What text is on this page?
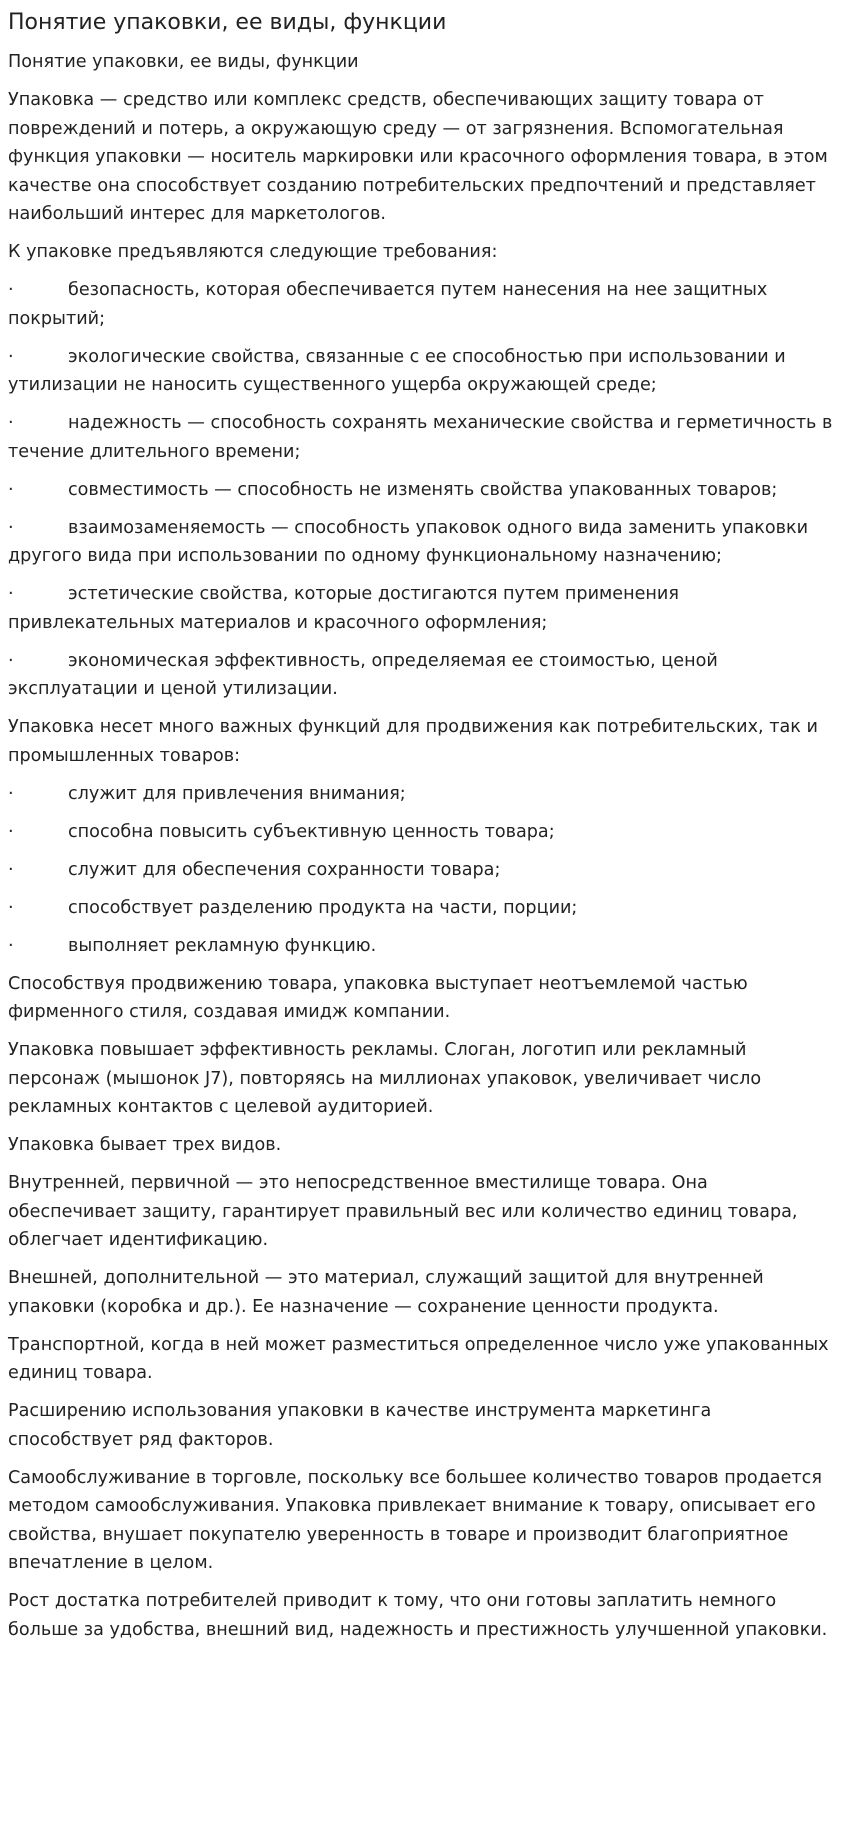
Понятие упаковки, ее виды, функции

Понятие упаковки, ее виды, функции

Упаковка — средство или комплекс средств, обеспечивающих защиту товара от повреждений и потерь, а окружающую среду — от загрязнения. Вспомогательная функция упаковки — носитель маркировки или красочного оформления товара, в этом качестве она способствует созданию потребительских предпочтений и представляет наибольший интерес для маркетологов.

К упаковке предъявляются следующие требования:

·	безопасность, которая обеспечивается путем нанесения на нее защитных покрытий;

·	экологические свойства, связанные с ее способностью при использовании и утилизации не наносить существенного ущерба окружающей среде;

·	надежность — способность сохранять механические свойства и герметичность в течение длительного времени;

·	совместимость — способность не изменять свойства упакованных товаров;

·	взаимозаменяемость — способность упаковок одного вида заменить упаковки другого вида при использовании по одному функциональному назначению;

·	эстетические свойства, которые достигаются путем применения привлекательных материалов и красочного оформления;

·	экономическая эффективность, определяемая ее стоимостью, ценой эксплуатации и ценой утилизации.

Упаковка несет много важных функций для продвижения как потребительских, так и промышленных товаров:

·	служит для привлечения внимания;

·	способна повысить субъективную ценность товара;

·	служит для обеспечения сохранности товара;

·	способствует разделению продукта на части, порции;

·	выполняет рекламную функцию.

Способствуя продвижению товара, упаковка выступает неотъемлемой частью фирменного стиля, создавая имидж компании.

Упаковка повышает эффективность рекламы. Слоган, логотип или рекламный персонаж (мышонок J7), повторяясь на миллионах упаковок, увеличивает число рекламных контактов с целевой аудиторией.

Упаковка бывает трех видов.

Внутренней, первичной — это непосредственное вместилище товара. Она обеспечивает защиту, гарантирует правильный вес или количество единиц товара, облегчает идентификацию.

Внешней, дополнительной — это материал, служащий защитой для внутренней упаковки (коробка и др.). Ее назначение — сохранение ценности продукта.

Транспортной, когда в ней может разместиться определенное число уже упакованных единиц товара.

Расширению использования упаковки в качестве инструмента маркетинга способствует ряд факторов.

Самообслуживание в торговле, поскольку все большее количество товаров продается методом самообслуживания. Упаковка привлекает внимание к товару, описывает его свойства, внушает покупателю уверенность в товаре и производит благоприятное впечатление в целом.

Рост достатка потребителей приводит к тому, что они готовы заплатить немного больше за удобства, внешний вид, надежность и престижность улучшенной упаковки.
